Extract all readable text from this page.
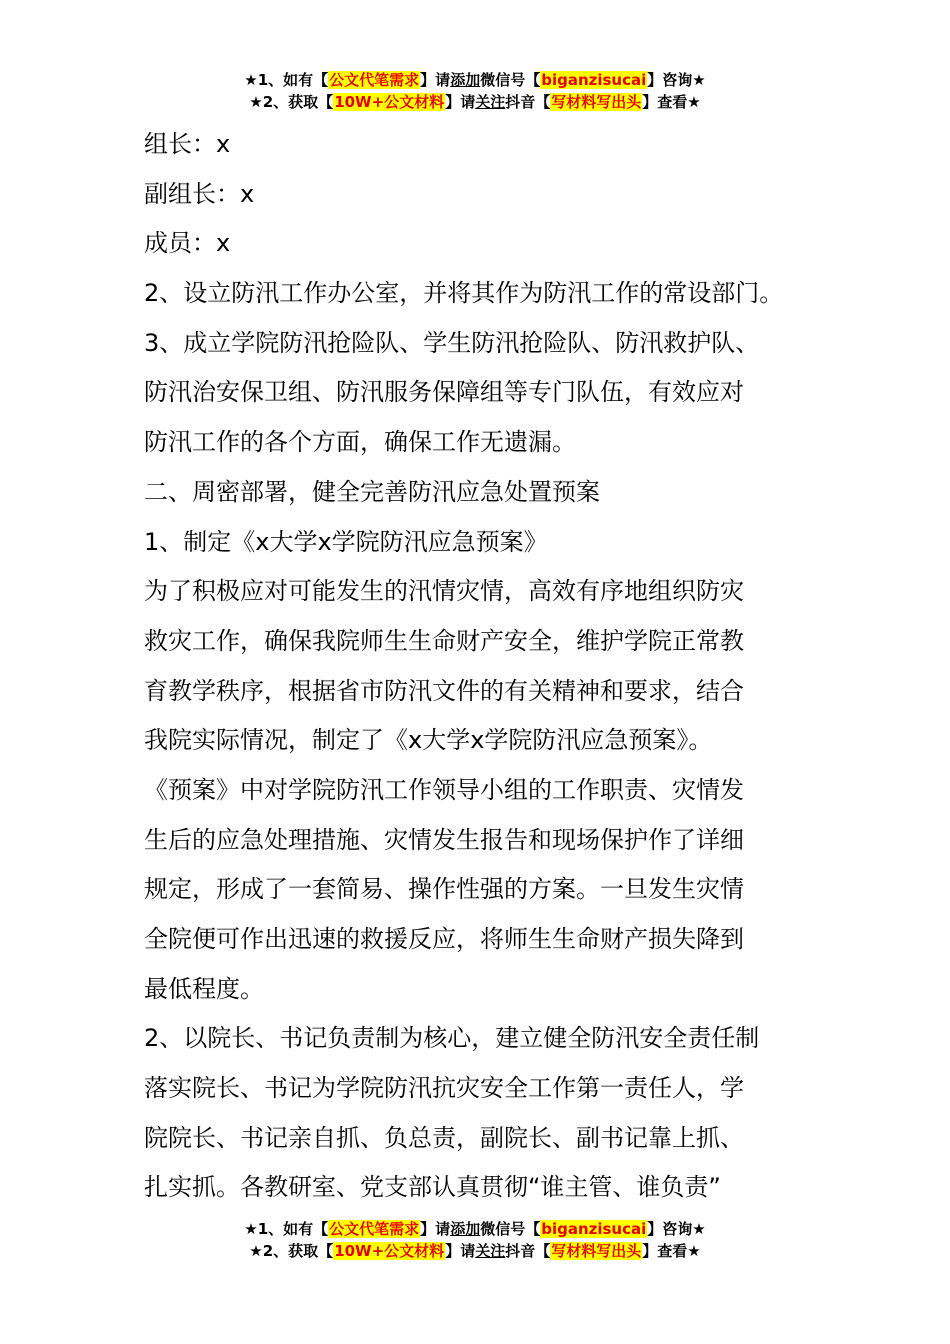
★1、如有【公文代笔需求】请添加微信号【biganzisucai】咨询★
★2、获取【10W+公文材料】请关注抖音【写材料写出头】查看★
组长：x
副组长：x
成员：x
2、设立防汛工作办公室，并将其作为防汛工作的常设部门。
3、成立学院防汛抢险队、学生防汛抢险队、防汛救护队、
防汛治安保卫组、防汛服务保障组等专门队伍，有效应对
防汛工作的各个方面，确保工作无遗漏。
二、周密部署，健全完善防汛应急处置预案
1、制定《x大学x学院防汛应急预案》
为了积极应对可能发生的汛情灾情，高效有序地组织防灾
救灾工作，确保我院师生生命财产安全，维护学院正常教
育教学秩序，根据省市防汛文件的有关精神和要求，结合
我院实际情况，制定了《x大学x学院防汛应急预案》。
《预案》中对学院防汛工作领导小组的工作职责、灾情发
生后的应急处理措施、灾情发生报告和现场保护作了详细
规定，形成了一套简易、操作性强的方案。一旦发生灾情
全院便可作出迅速的救援反应，将师生生命财产损失降到
最低程度。
2、以院长、书记负责制为核心，建立健全防汛安全责任制
落实院长、书记为学院防汛抗灾安全工作第一责任人，学
院院长、书记亲自抓、负总责，副院长、副书记靠上抓、
扎实抓。各教研室、党支部认真贯彻“谁主管、谁负责”
★1、如有【公文代笔需求】请添加微信号【biganzisucai】咨询★
★2、获取【10W+公文材料】请关注抖音【写材料写出头】查看★
